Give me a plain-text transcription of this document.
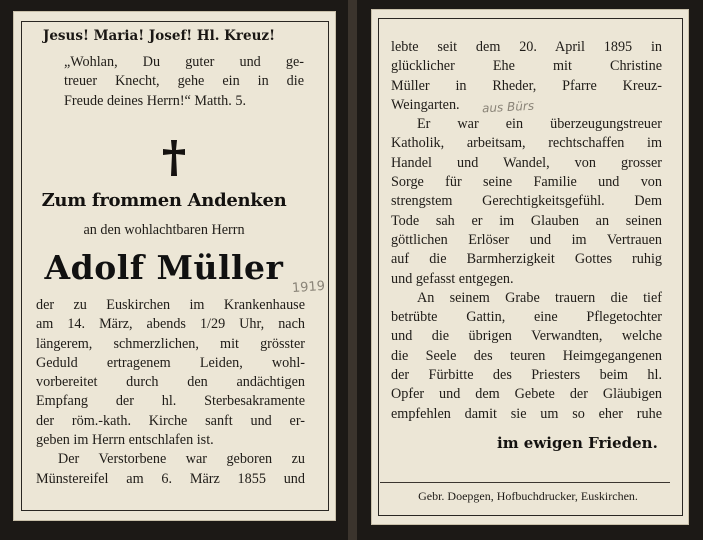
Jesus! Maria! Josef! Hl. Kreuz!
„Wohlan, Du guter und ge-
treuer Knecht, gehe ein in die
Freude deines Herrn!“ Matth. 5.
Zum frommen Andenken
an den wohlachtbaren Herrn
Adolf Müller
1919
der zu Euskirchen im Krankenhause
am 14. März, abends 1/29 Uhr, nach
längerem, schmerzlichen, mit grösster
Geduld ertragenem Leiden, wohl-
vorbereitet durch den andächtigen
Empfang der hl. Sterbesakramente
der röm.-kath. Kirche sanft und er-
geben im Herrn entschlafen ist.
Der Verstorbene war geboren zu
Münstereifel am 6. März 1855 und
lebte seit dem 20. April 1895 in
glücklicher Ehe mit Christine
Müller in Rheder, Pfarre Kreuz-
Weingarten.
Er war ein überzeugungstreuer
Katholik, arbeitsam, rechtschaffen im
Handel und Wandel, von grosser
Sorge für seine Familie und von
strengstem Gerechtigkeitsgefühl. Dem
Tode sah er im Glauben an seinen
göttlichen Erlöser und im Vertrauen
auf die Barmherzigkeit Gottes ruhig
und gefasst entgegen.
An seinem Grabe trauern die tief
betrübte Gattin, eine Pflegetochter
und die übrigen Verwandten, welche
die Seele des teuren Heimgegangenen
der Fürbitte des Priesters beim hl.
Opfer und dem Gebete der Gläubigen
empfehlen damit sie um so eher ruhe
aus Bürs
im ewigen Frieden.
Gebr. Doepgen, Hofbuchdrucker, Euskirchen.
